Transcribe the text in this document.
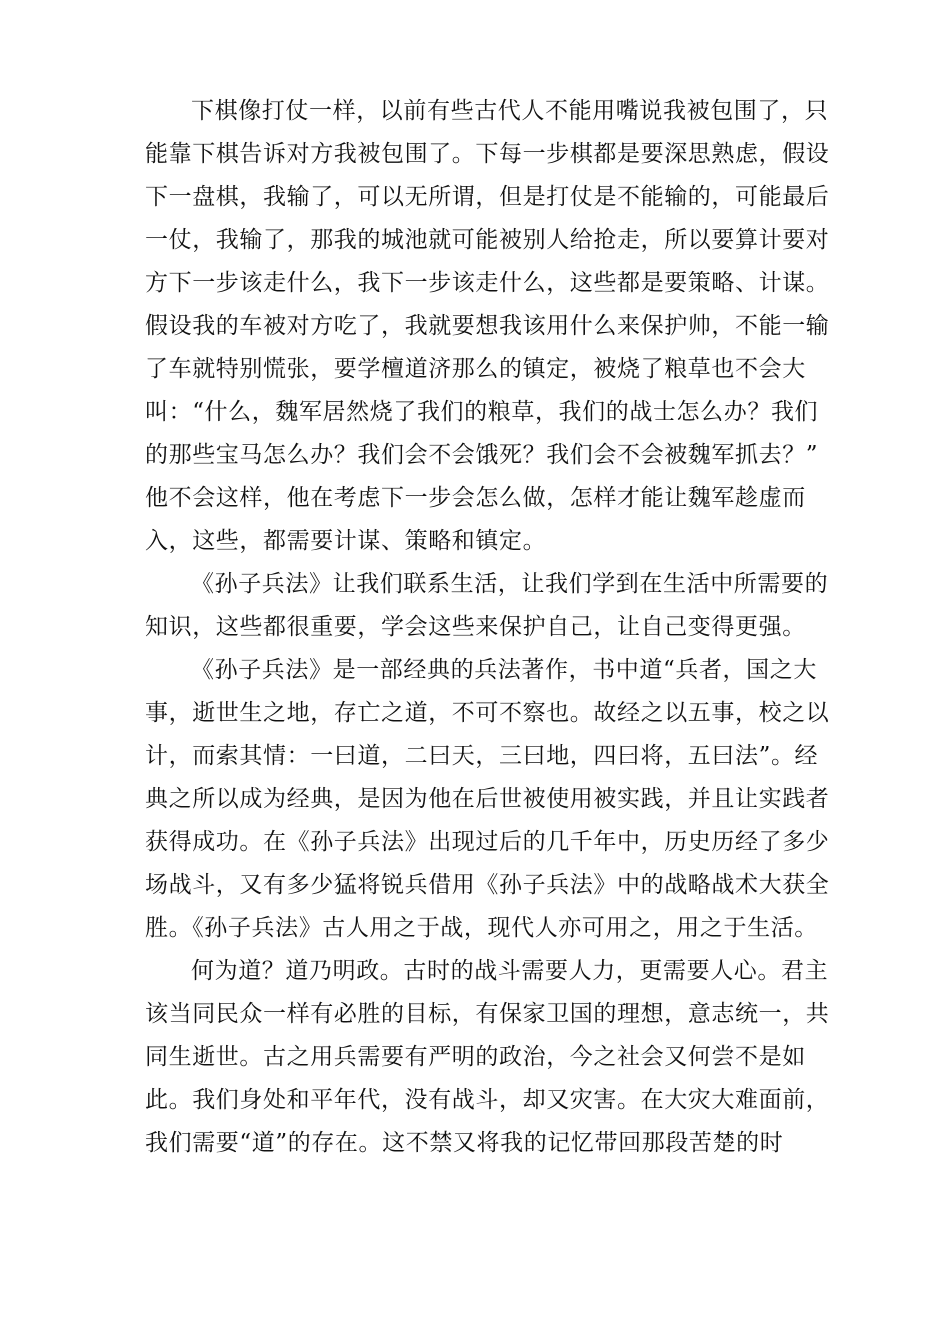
下棋像打仗一样，以前有些古代人不能用嘴说我被包围了，只
能靠下棋告诉对方我被包围了。下每一步棋都是要深思熟虑，假设
下一盘棋，我输了，可以无所谓，但是打仗是不能输的，可能最后
一仗，我输了，那我的城池就可能被别人给抢走，所以要算计要对
方下一步该走什么，我下一步该走什么，这些都是要策略、计谋。
假设我的车被对方吃了，我就要想我该用什么来保护帅，不能一输
了车就特别慌张，要学檀道济那么的镇定，被烧了粮草也不会大
叫：“什么，魏军居然烧了我们的粮草，我们的战士怎么办？我们
的那些宝马怎么办？我们会不会饿死？我们会不会被魏军抓去？”
他不会这样，他在考虑下一步会怎么做，怎样才能让魏军趁虚而
入，这些，都需要计谋、策略和镇定。
《孙子兵法》让我们联系生活，让我们学到在生活中所需要的
知识，这些都很重要，学会这些来保护自己，让自己变得更强。
《孙子兵法》是一部经典的兵法著作，书中道“兵者，国之大
事，逝世生之地，存亡之道，不可不察也。故经之以五事，校之以
计，而索其情：一曰道，二曰天，三曰地，四曰将，五曰法”。经
典之所以成为经典，是因为他在后世被使用被实践，并且让实践者
获得成功。在《孙子兵法》出现过后的几千年中，历史历经了多少
场战斗，又有多少猛将锐兵借用《孙子兵法》中的战略战术大获全
胜。《孙子兵法》古人用之于战，现代人亦可用之，用之于生活。
何为道？道乃明政。古时的战斗需要人力，更需要人心。君主
该当同民众一样有必胜的目标，有保家卫国的理想，意志统一，共
同生逝世。古之用兵需要有严明的政治，今之社会又何尝不是如
此。我们身处和平年代，没有战斗，却又灾害。在大灾大难面前，
我们需要“道”的存在。这不禁又将我的记忆带回那段苦楚的时
